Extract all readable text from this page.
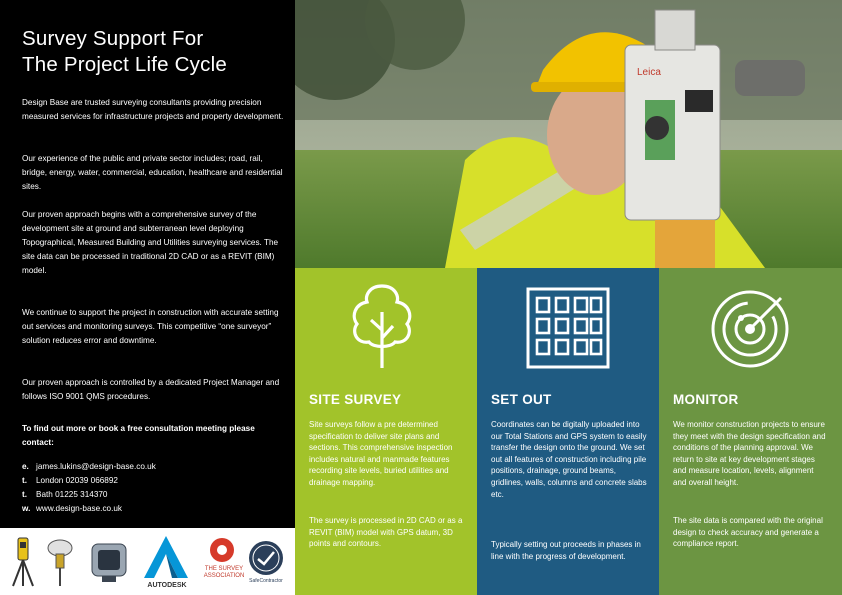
Survey Support For
The Project Life Cycle

Design Base are trusted surveying consultants providing precision measured services for infrastructure projects and property development.

Our experience of the public and private sector includes; road, rail, bridge, energy, water, commercial, education, healthcare and residential sites.

Our proven approach begins with a comprehensive survey of the development site at ground and subterranean level deploying Topographical, Measured Building and Utilities surveying services. The site data can be processed in traditional 2D CAD or as a REVIT (BIM) model.

We continue to support the project in construction with accurate setting out services and monitoring surveys. This competitive “one surveyor” solution reduces error and downtime.

Our proven approach is controlled by a dedicated Project Manager and follows ISO 9001 QMS procedures.

To find out more or book a free consultation meeting please contact:

e. james.lukins@design-base.co.uk
t. London 02039 066892
t. Bath 01225 314370
w. www.design-base.co.uk
AUTODESK
THE SURVEY
ASSOCIATION
SafeContractor
Leica
SITE SURVEY
Site surveys follow a pre determined specification to deliver site plans and sections. This comprehensive inspection includes natural and manmade features recording site levels, buried utilities and drainage mapping.
The survey is processed in 2D CAD or as a REVIT (BIM) model with GPS datum, 3D points and contours.
SET OUT
Coordinates can be digitally uploaded into our Total Stations and GPS system to easily transfer the design onto the ground. We set out all features of construction including pile positions, drainage, ground beams, gridlines, walls, columns and concrete slabs etc.
Typically setting out proceeds in phases in line with the progress of development.
MONITOR
We monitor construction projects to ensure they meet with the design specification and conditions of the planning approval. We return to site at key development stages and measure location, levels, alignment and overall height.
The site data is compared with the original design to check accuracy and generate a compliance report.
